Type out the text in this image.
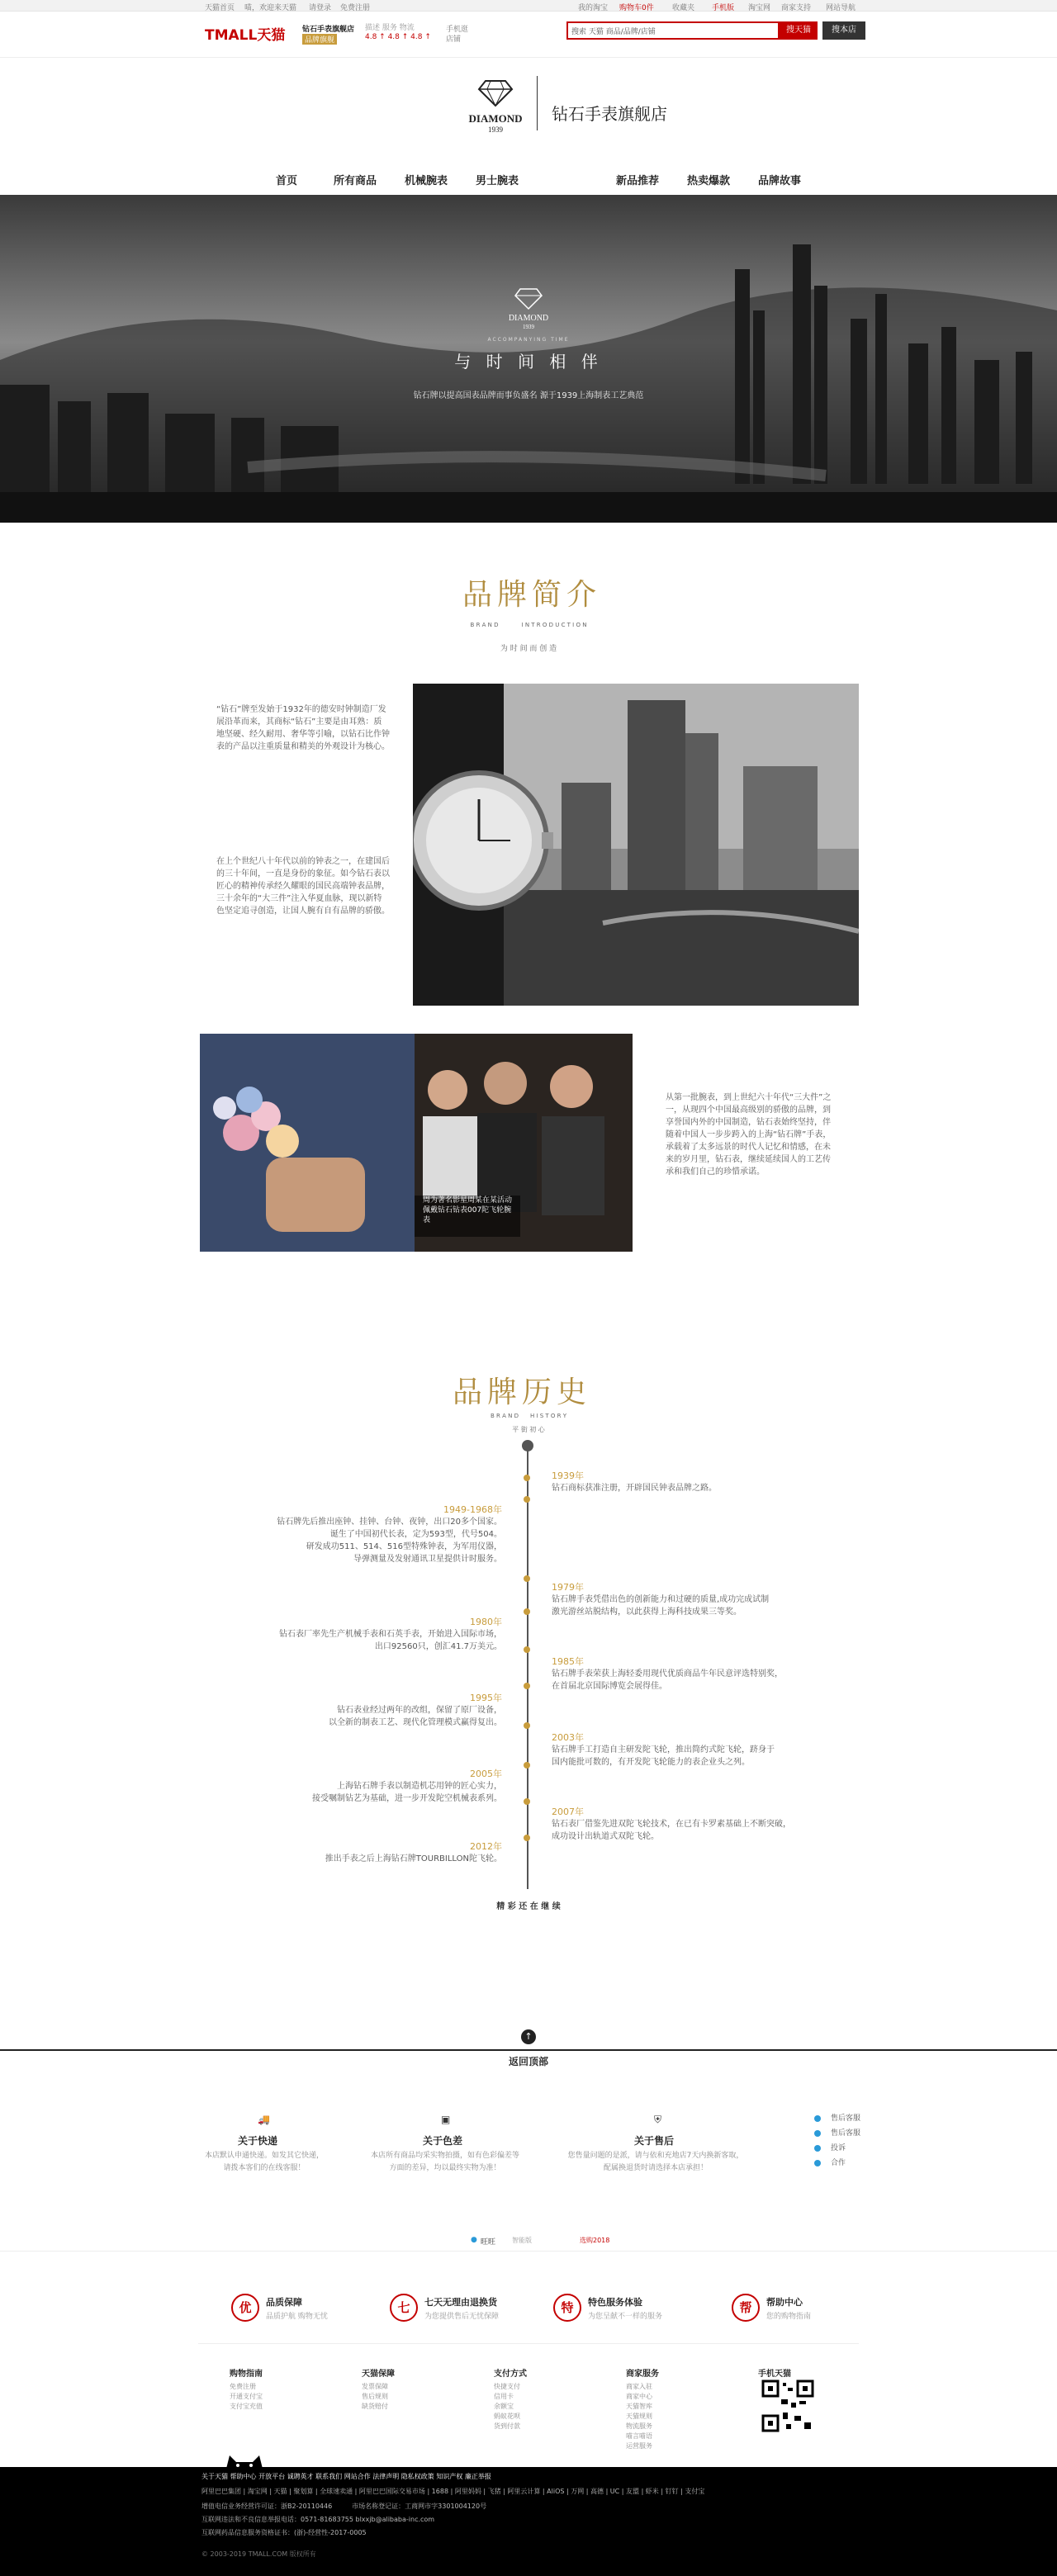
天猫首页 喵，欢迎来天猫 请登录 免费注册	我的淘宝 购物车0件 收藏夹 手机版 淘宝网 商家支持 网站导航
TMALL天猫 钻石手表旗舰店
品牌旗舰
描述 服务 物流
4.8 ↑ 4.8 ↑ 4.8 ↑
手机逛
店铺
搜索 天猫 商品/品牌/店铺	搜天猫	搜本店
DIAMOND
1939
钻石手表旗舰店
首页	所有商品	机械腕表	男士腕表	新品推荐	热卖爆款	品牌故事
DIAMOND
1939
ACCOMPANYING TIME
与 时 间 相 伴
钻石牌以提高国表品牌而事负盛名 源于1939上海制表工艺典范
品牌简介
B R A N D　　　　I N T R O D U C T I O N
为 时 间 而 创 造
“钻石”牌至发始于1932年的德安时钟制造厂发展沿革而来，其商标“钻石”主要是由耳熟：质地坚硬、经久耐用、奢华等引喻，以钻石比作钟表的产品以注重质量和精美的外观设计为核心。
在上个世纪八十年代以前的钟表之一，在建国后的三十年间，一直是身份的象征。如今钻石表以匠心的精神传承经久耀眼的国民高端钟表品牌，三十余年的“大三件”注入华夏血脉，现以新特色坚定追寻创造，让国人腕有自有品牌的骄傲。
周为著名影星周某在某活动佩戴钻石钻表007陀飞轮腕表
从第一批腕表，到上世纪六十年代“三大件”之一，从现四个中国最高级别的骄傲的品牌，到享誉国内外的中国制造，钻石表始终坚持，伴随着中国人一步步跨入的上海“钻石牌”手表，承载着了太多远景的时代人记忆和情感，在未来的岁月里，钻石表，继续延续国人的工艺传承和我们自己的珍惜承诺。
品牌历史
B R A N D　　H I S T O R Y
平 街 初 心
1939年
钻石商标获准注册，开辟国民钟表品牌之路。

1979年
钻石牌手表凭借出色的创新能力和过硬的质量,成功完成试制
激光游丝站脱结构，以此获得上海科技成果三等奖。

1985年
钻石牌手表荣获上海轻委用现代优质商品牛年民意评选特别奖，
在首届北京国际博览会展得佳。

2003年
钻石牌手工打造自主研发陀飞轮，推出简约式陀飞轮，跻身于
国内能批可数的，有开发陀飞轮能力的表企业头之列。

2007年
钻石表厂借鉴先进双陀飞轮技术，在已有卡罗素基础上不断突破，
成功设计出轨道式双陀飞轮。

1949-1968年
钻石牌先后推出座钟、挂钟、台钟、夜钟，出口20多个国家。
诞生了中国初代长表，定为593型，代号504。
研发成功511、514、516型特殊钟表，为军用仪器，
导弹测量及发射通讯卫星提供计时服务。

1980年
钻石表厂率先生产机械手表和石英手表，开始进入国际市场，
出口92560只，创汇41.7万美元。

1995年
钻石表业经过两年的改组，保留了原厂设备，
以全新的制表工艺、现代化管理模式赢得复出。

2005年
上海钻石牌手表以制造机芯用钟的匠心实力，
接受嘱制钻艺为基础，进一步开发陀空机械表系列。

2012年
推出手表之后上海钻石牌TOURBILLON陀飞轮。

精 彩 还 在 继 续
↑
返回顶部
🚚
关于快递
本店默认申通快递。如发其它快递，
请拨本客们的在线客服！
▣
关于色差
本店所有商品均采实物拍摄，如有色彩偏差等
方面的差异，均以最终实物为准！
⛨
关于售后
您售量问题的是派，请与依和充地店7天内换新客取，
配属换退货时请选择本店承担！
售后客服
售后客服
投诉
合作
● 旺旺 智能版	选购2018
优	品质保障
品质护航 购物无忧
七	七天无理由退换货
为您提供售后无忧保障
特	特色服务体验
为您呈献不一样的服务
帮	帮助中心
您的购物指南
购物指南
免费注册
开通支付宝
支付宝充值
天猫保障
发票保障
售后规则
缺货赔付
支付方式
快捷支付
信用卡
余额宝
蚂蚁花呗
货到付款
商家服务
商家入驻
商家中心
天猫智库
天猫规则
物流服务
喵言喵语
运营服务
手机天猫
关于天猫 帮助中心 开放平台 诚聘英才 联系我们 网站合作 法律声明 隐私权政策 知识产权 廉正举报
阿里巴巴集团 | 淘宝网 | 天猫 | 聚划算 | 全球速卖通 | 阿里巴巴国际交易市场 | 1688 | 阿里妈妈 | 飞猪 | 阿里云计算 | AliOS | 万网 | 高德 | UC | 友盟 | 虾米 | 钉钉 | 支付宝
增值电信业务经营许可证：浙B2-20110446　　　市场名称登记证：工商网市字3301004120号
互联网违法和不良信息举报电话：0571-81683755 blxxjb@alibaba-inc.com
互联网药品信息服务资格证书：(浙)-经营性-2017-0005
© 2003-2019 TMALL.COM 版权所有
